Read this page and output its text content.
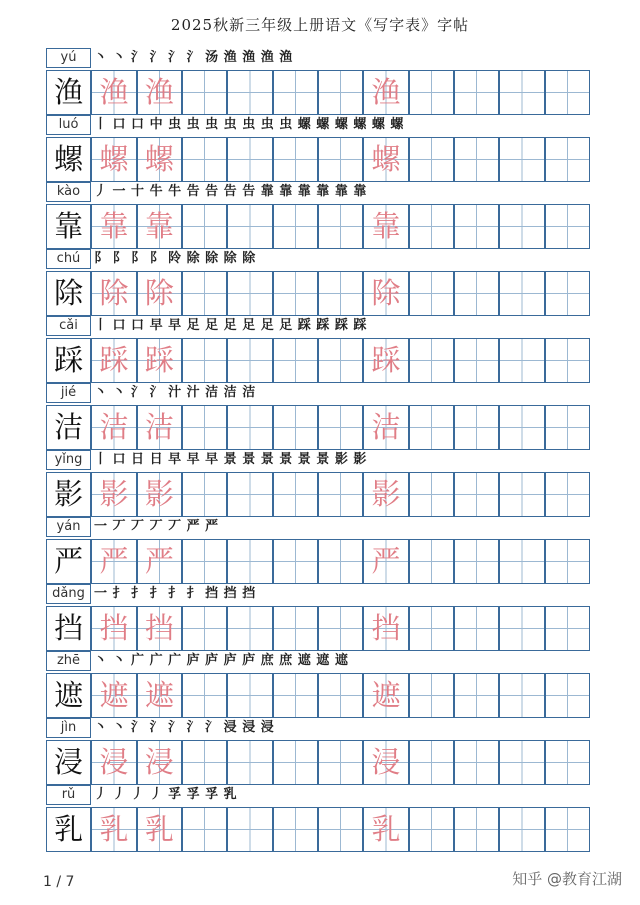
2025秋新三年级上册语文《写字表》字帖
yú	丶 丶 氵 氵 氵 氵 汤 渔 渔 渔 渔
渔 渔 渔	渔
luó	丨 口 口 中 虫 虫 虫 虫 虫 虫 虫 螺 螺 螺 螺 螺 螺
螺 螺 螺	螺
kào	丿 一 十 牛 牛 告 告 告 告 靠 靠 靠 靠 靠 靠
靠 靠 靠	靠
chú	阝 阝 阝 阝 阾 除 除 除 除
除 除 除	除
cǎi	丨 口 口 早 早 足 足 足 足 足 足 踩 踩 踩 踩
踩 踩 踩	踩
jié	丶 丶 氵 氵 汁 汁 洁 洁 洁
洁 洁 洁	洁
yǐng 丨 口 日 日 早 早 早 景 景 景 景 景 景 影 影
影 影 影	影
yán	一 丆 丆 丆 丆 严 严
严 严 严	严
dǎng 一 扌 扌 扌 扌 扌 挡 挡 挡
挡 挡 挡	挡
zhē	丶 丶 广 广 广 庐 庐 庐 庐 庶 庶 遮 遮 遮
遮 遮 遮	遮
jìn	丶 丶 氵 氵 氵 氵 氵 浸 浸 浸
浸 浸 浸	浸
rǔ	丿 丿 丿 丿 孚 孚 孚 乳
乳 乳 乳	乳
1 / 7	知乎 @教育江湖
